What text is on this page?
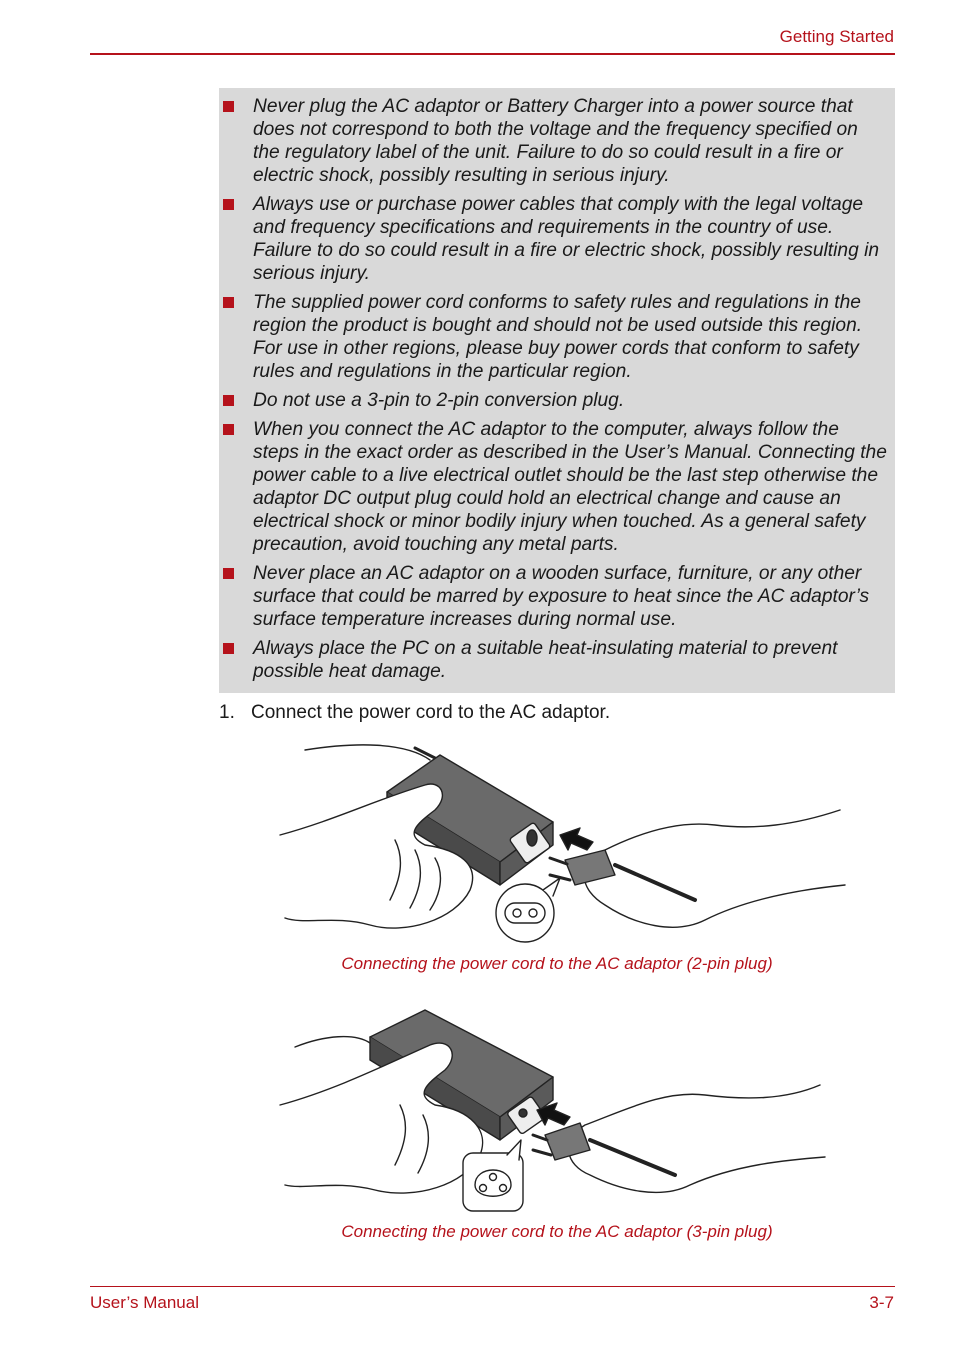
Getting Started
Never plug the AC adaptor or Battery Charger into a power source that does not correspond to both the voltage and the frequency specified on the regulatory label of the unit. Failure to do so could result in a fire or electric shock, possibly resulting in serious injury.
Always use or purchase power cables that comply with the legal voltage and frequency specifications and requirements in the country of use. Failure to do so could result in a fire or electric shock, possibly resulting in serious injury.
The supplied power cord conforms to safety rules and regulations in the region the product is bought and should not be used outside this region. For use in other regions, please buy power cords that conform to safety rules and regulations in the particular region.
Do not use a 3-pin to 2-pin conversion plug.
When you connect the AC adaptor to the computer, always follow the steps in the exact order as described in the User’s Manual. Connecting the power cable to a live electrical outlet should be the last step otherwise the adaptor DC output plug could hold an electrical change and cause an electrical shock or minor bodily injury when touched. As a general safety precaution, avoid touching any metal parts.
Never place an AC adaptor on a wooden surface, furniture, or any other surface that could be marred by exposure to heat since the AC adaptor’s surface temperature increases during normal use.
Always place the PC on a suitable heat-insulating material to prevent possible heat damage.
1. Connect the power cord to the AC adaptor.
Connecting the power cord to the AC adaptor (2-pin plug)
Connecting the power cord to the AC adaptor (3-pin plug)
User’s Manual	3-7
